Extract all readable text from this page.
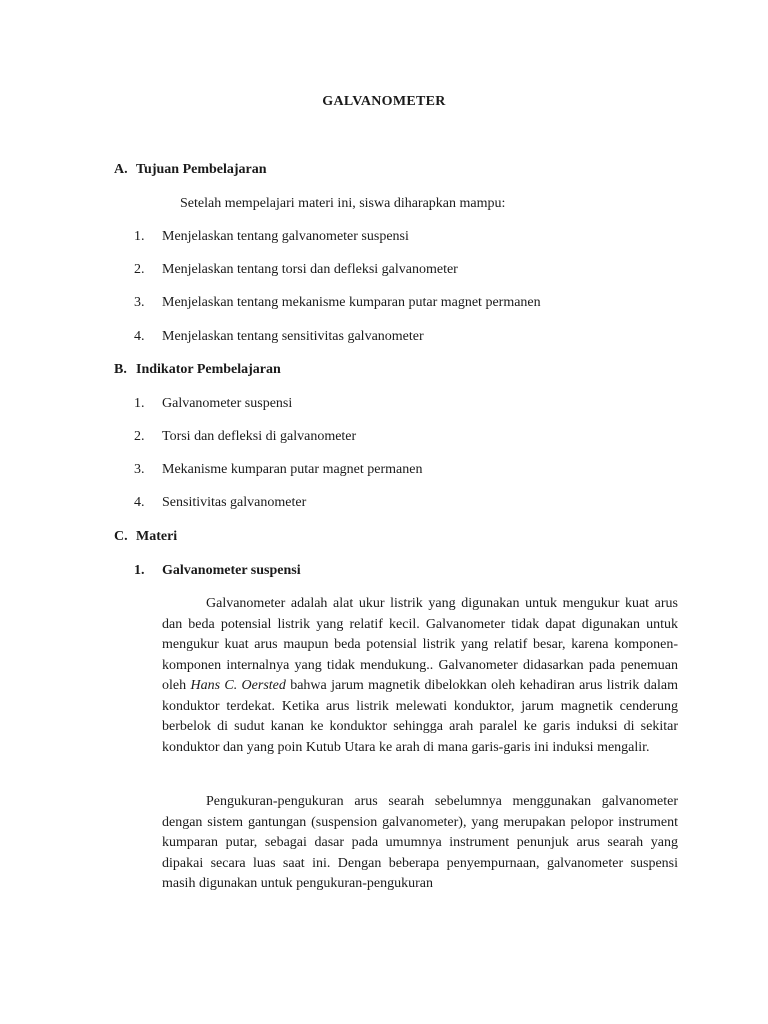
GALVANOMETER
A. Tujuan Pembelajaran
Setelah mempelajari materi ini, siswa diharapkan mampu:
1. Menjelaskan tentang galvanometer suspensi
2. Menjelaskan tentang torsi dan defleksi galvanometer
3. Menjelaskan tentang mekanisme kumparan putar magnet permanen
4. Menjelaskan tentang sensitivitas galvanometer
B. Indikator Pembelajaran
1. Galvanometer suspensi
2. Torsi dan defleksi di galvanometer
3. Mekanisme kumparan putar magnet permanen
4. Sensitivitas galvanometer
C. Materi
1. Galvanometer suspensi

Galvanometer adalah alat ukur listrik yang digunakan untuk mengukur kuat arus dan beda potensial listrik yang relatif kecil. Galvanometer tidak dapat digunakan untuk mengukur kuat arus maupun beda potensial listrik yang relatif besar, karena komponen-komponen internalnya yang tidak mendukung.. Galvanometer didasarkan pada penemuan oleh Hans C. Oersted bahwa jarum magnetik dibelokkan oleh kehadiran arus listrik dalam konduktor terdekat. Ketika arus listrik melewati konduktor, jarum magnetik cenderung berbelok di sudut kanan ke konduktor sehingga arah paralel ke garis induksi di sekitar konduktor dan yang poin Kutub Utara ke arah di mana garis-garis ini induksi mengalir.

Pengukuran-pengukuran arus searah sebelumnya menggunakan galvanometer dengan sistem gantungan (suspension galvanometer), yang merupakan pelopor instrument kumparan putar, sebagai dasar pada umumnya instrument penunjuk arus searah yang dipakai secara luas saat ini. Dengan beberapa penyempurnaan, galvanometer suspensi masih digunakan untuk pengukuran-pengukuran
